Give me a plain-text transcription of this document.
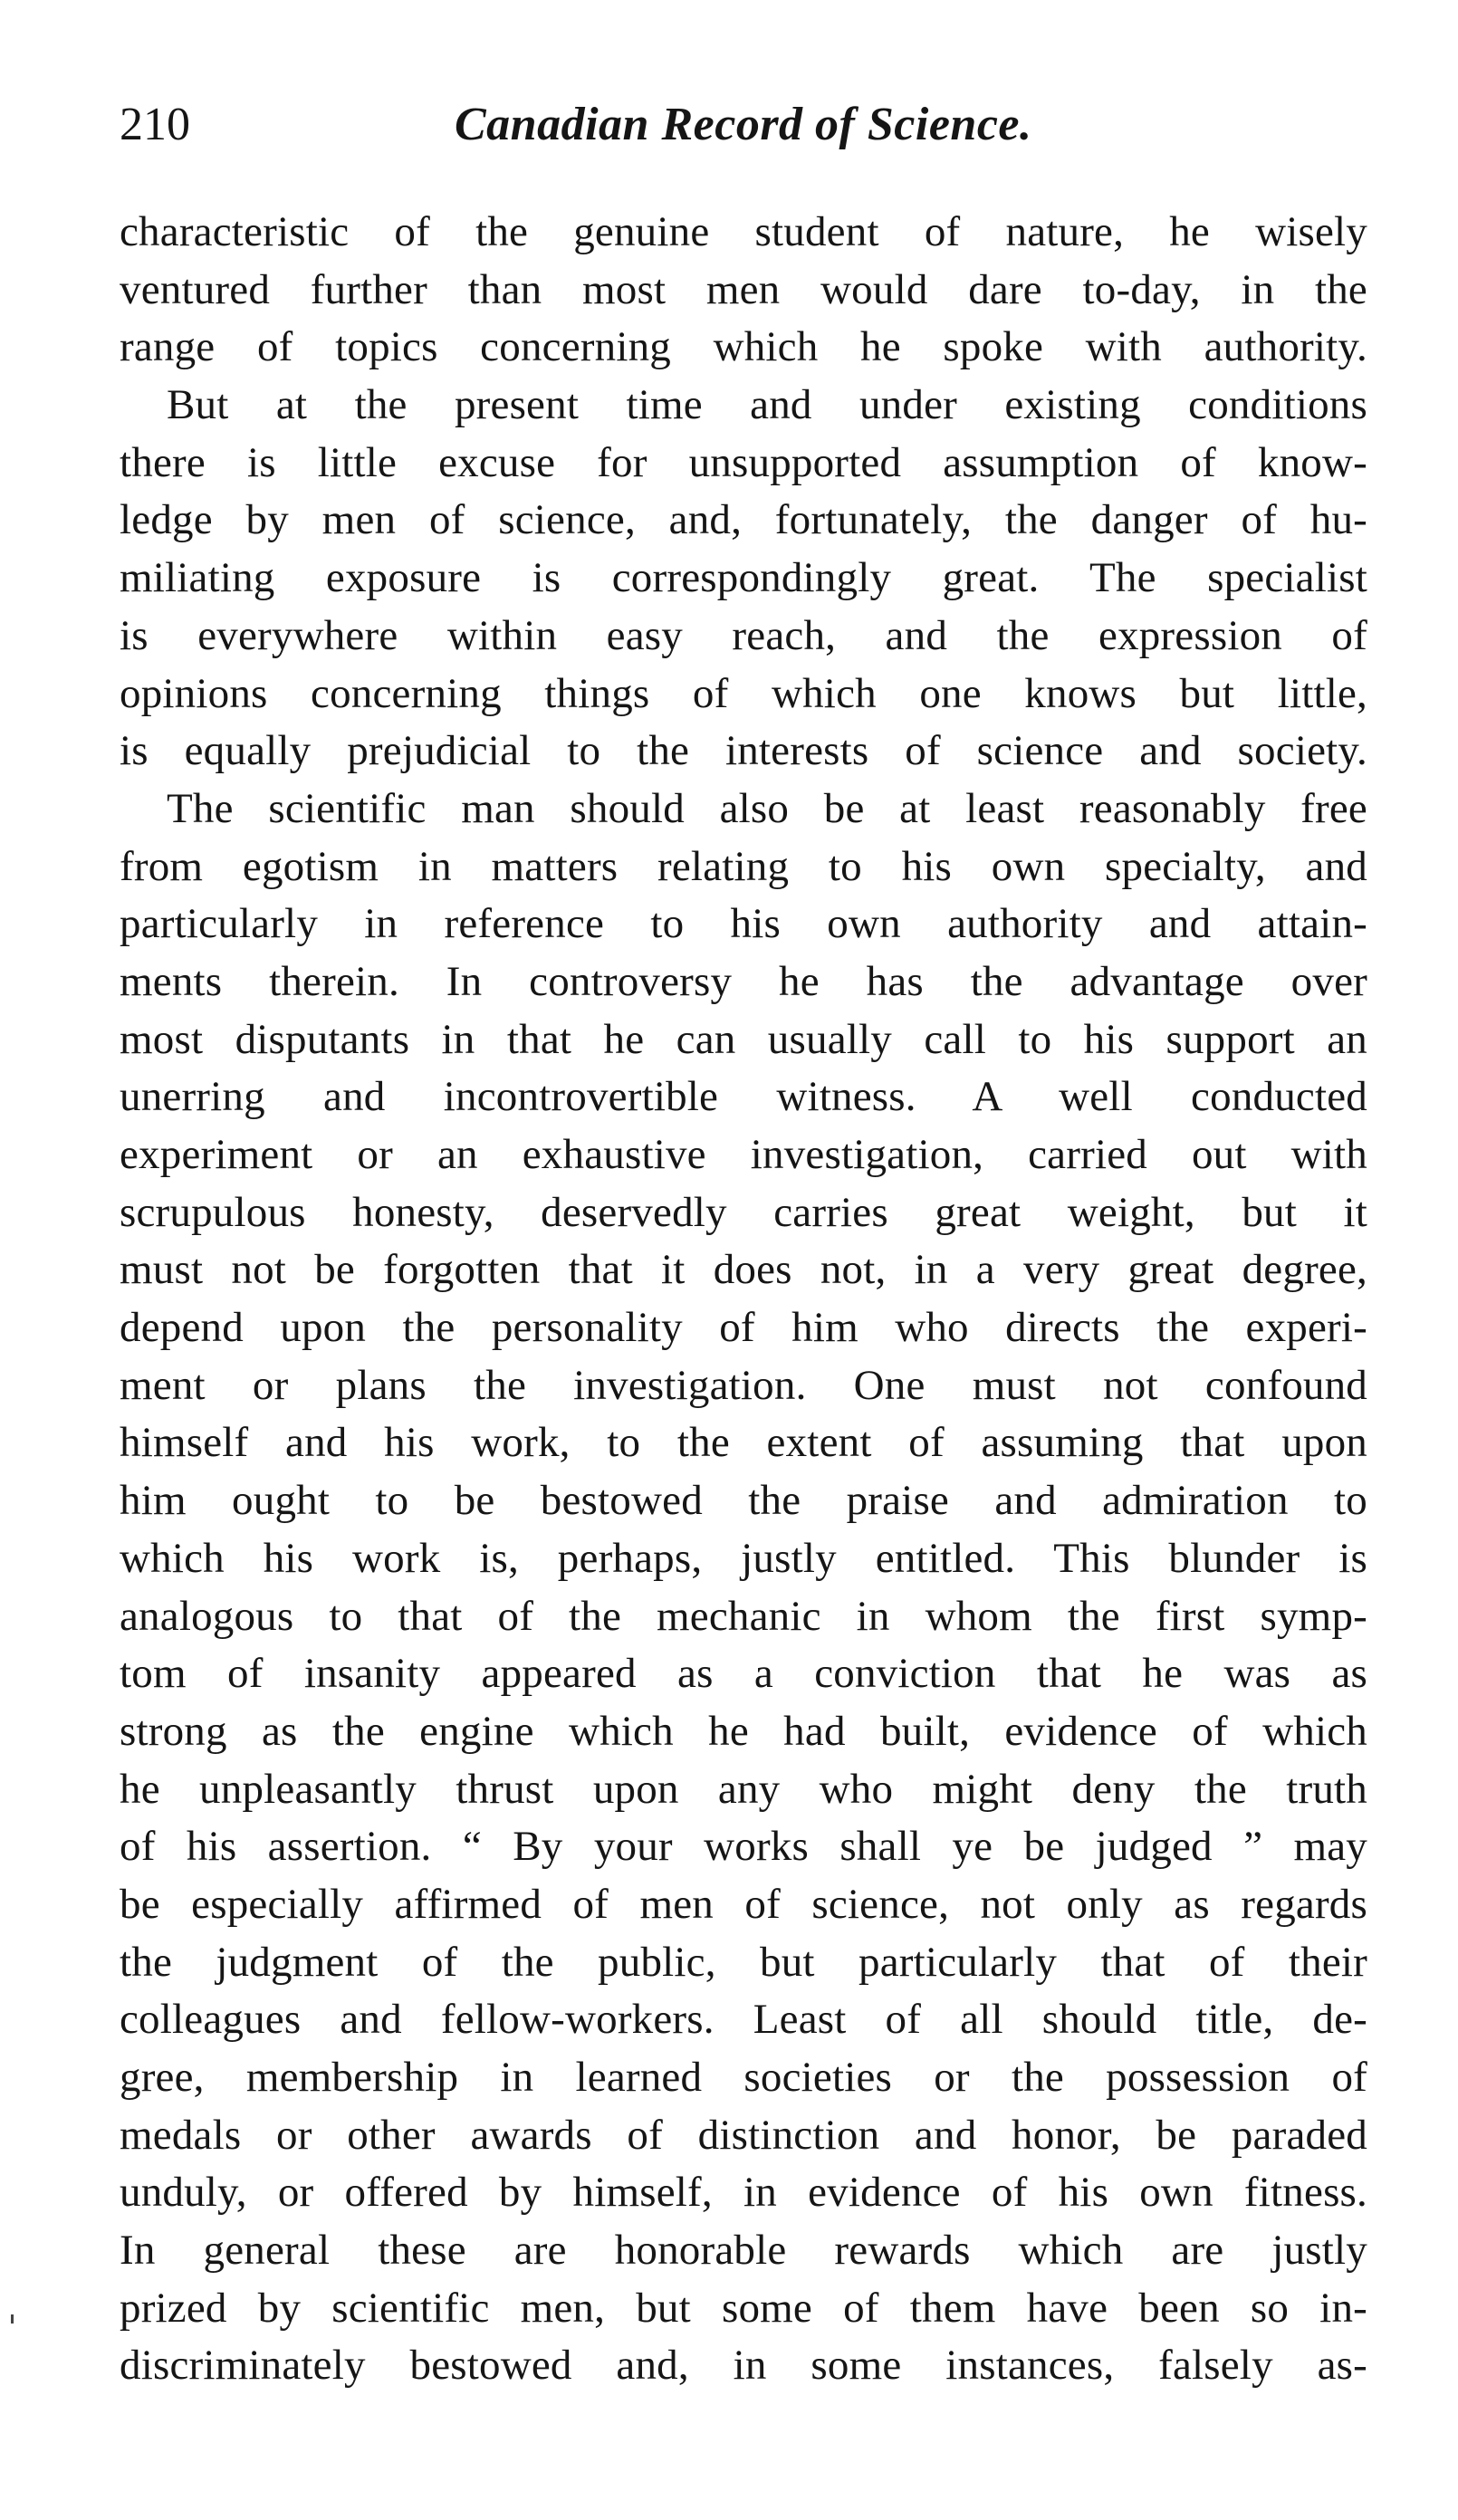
210	Canadian Record of Science.
characteristic of the genuine student of nature, he wisely
ventured further than most men would dare to-day, in the
range of topics concerning which he spoke with authority.
But at the present time and under existing conditions
there is little excuse for unsupported assumption of know-
ledge by men of science, and, fortunately, the danger of hu-
miliating exposure is correspondingly great. The specialist
is everywhere within easy reach, and the expression of
opinions concerning things of which one knows but little,
is equally prejudicial to the interests of science and society.
The scientific man should also be at least reasonably free
from egotism in matters relating to his own specialty, and
particularly in reference to his own authority and attain-
ments therein. In controversy he has the advantage over
most disputants in that he can usually call to his support an
unerring and incontrovertible witness. A well conducted
experiment or an exhaustive investigation, carried out with
scrupulous honesty, deservedly carries great weight, but it
must not be forgotten that it does not, in a very great degree,
depend upon the personality of him who directs the experi-
ment or plans the investigation. One must not confound
himself and his work, to the extent of assuming that upon
him ought to be bestowed the praise and admiration to
which his work is, perhaps, justly entitled. This blunder is
analogous to that of the mechanic in whom the first symp-
tom of insanity appeared as a conviction that he was as
strong as the engine which he had built, evidence of which
he unpleasantly thrust upon any who might deny the truth
of his assertion. “ By your works shall ye be judged ” may
be especially affirmed of men of science, not only as regards
the judgment of the public, but particularly that of their
colleagues and fellow-workers. Least of all should title, de-
gree, membership in learned societies or the possession of
medals or other awards of distinction and honor, be paraded
unduly, or offered by himself, in evidence of his own fitness.
In general these are honorable rewards which are justly
prized by scientific men, but some of them have been so in-
discriminately bestowed and, in some instances, falsely as-
